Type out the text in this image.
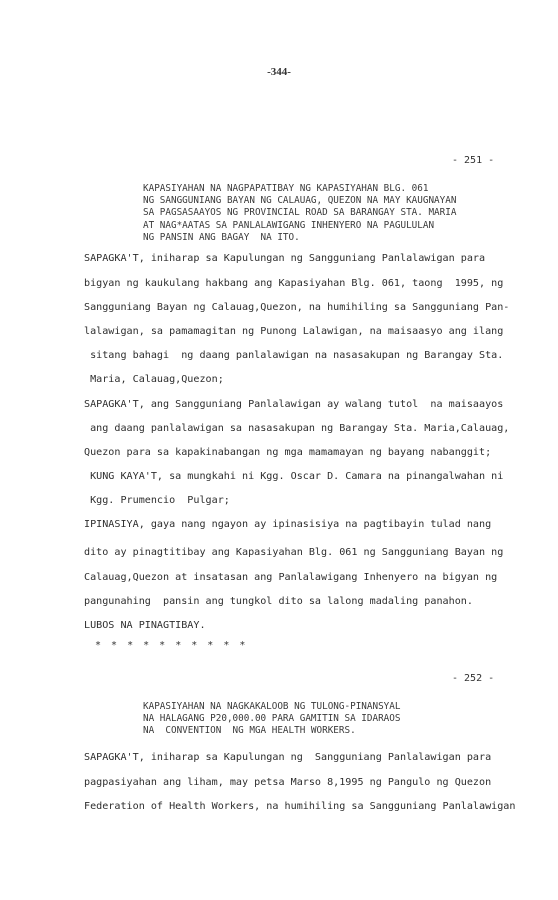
-344-
- 251 -
KAPASIYAHAN NA NAGPAPATIBAY NG KAPASIYAHAN BLG. 061
NG SANGGUNIANG BAYAN NG CALAUAG, QUEZON NA MAY KAUGNAYAN
SA PAGSASAAYOS NG PROVINCIAL ROAD SA BARANGAY STA. MARIA
AT NAG*AATAS SA PANLALAWIGANG INHENYERO NA PAGULULAN
NG PANSIN ANG BAGAY  NA ITO.
SAPAGKA'T, iniharap sa Kapulungan ng Sangguniang Panlalawigan para
bigyan ng kaukulang hakbang ang Kapasiyahan Blg. 061, taong  1995, ng
Sangguniang Bayan ng Calauag,Quezon, na humihiling sa Sangguniang Pan-
lalawigan, sa pamamagitan ng Punong Lalawigan, na maisaasyo ang ilang
sitang bahagi  ng daang panlalawigan na nasasakupan ng Barangay Sta.
Maria, Calauag,Quezon;
SAPAGKA'T, ang Sangguniang Panlalawigan ay walang tutol  na maisaayos
ang daang panlalawigan sa nasasakupan ng Barangay Sta. Maria,Calauag,
Quezon para sa kapakinabangan ng mga mamamayan ng bayang nabanggit;
KUNG KAYA'T, sa mungkahi ni Kgg. Oscar D. Camara na pinangalwahan ni
Kgg. Prumencio  Pulgar;
IPINASIYA, gaya nang ngayon ay ipinasisiya na pagtibayin tulad nang
dito ay pinagtitibay ang Kapasiyahan Blg. 061 ng Sangguniang Bayan ng
Calauag,Quezon at insatasan ang Panlalawigang Inhenyero na bigyan ng
pangunahing  pansin ang tungkol dito sa lalong madaling panahon.
LUBOS NA PINAGTIBAY.
* * * * * * * * * *
- 252 -
KAPASIYAHAN NA NAGKAKALOOB NG TULONG-PINANSYAL
NA HALAGANG P20,000.00 PARA GAMITIN SA IDARAOS
NA  CONVENTION  NG MGA HEALTH WORKERS.
SAPAGKA'T, iniharap sa Kapulungan ng  Sangguniang Panlalawigan para
pagpasiyahan ang liham, may petsa Marso 8,1995 ng Pangulo ng Quezon
Federation of Health Workers, na humihiling sa Sangguniang Panlalawigan
